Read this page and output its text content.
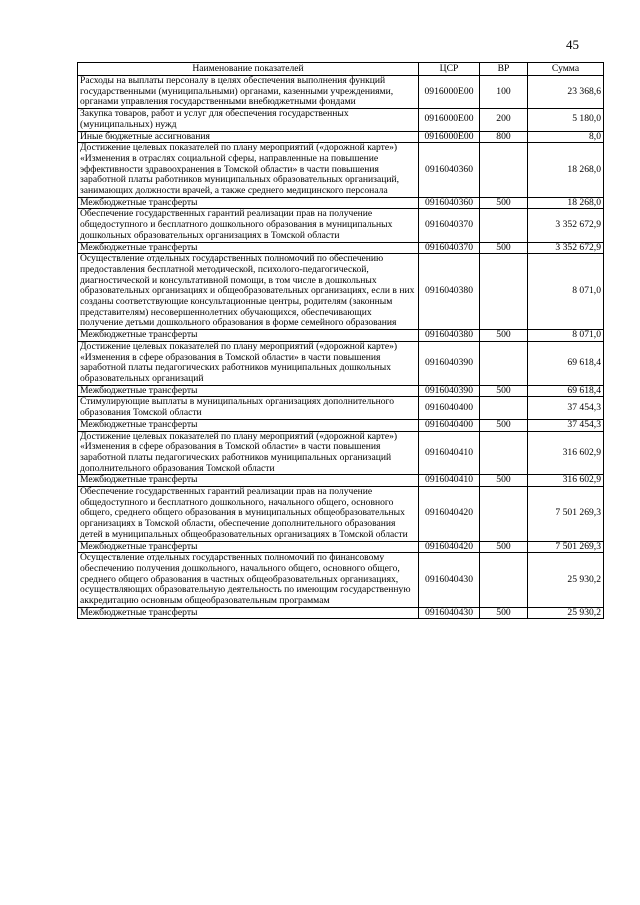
45
Наименование показателей	ЦСР	ВР	Сумма
Расходы на выплаты персоналу в целях обеспечения выполнения функций государственными (муниципальными) органами, казенными учреждениями, органами управления государственными внебюджетными фондами	0916000Е00	100	23 368,6
Закупка товаров, работ и услуг для обеспечения государственных (муниципальных) нужд	0916000Е00	200	5 180,0
Иные бюджетные ассигнования	0916000Е00	800	8,0
Достижение целевых показателей по плану мероприятий («дорожной карте») «Изменения в отраслях социальной сферы, направленные на повышение эффективности здравоохранения в Томской области» в части повышения заработной платы работников муниципальных образовательных организаций, занимающих должности врачей, а также среднего медицинского персонала	0916040360		18 268,0
Межбюджетные трансферты	0916040360	500	18 268,0
Обеспечение государственных гарантий реализации прав на получение общедоступного и бесплатного дошкольного образования в муниципальных дошкольных образовательных организациях в Томской области	0916040370		3 352 672,9
Межбюджетные трансферты	0916040370	500	3 352 672,9
Осуществление отдельных государственных полномочий по обеспечению предоставления бесплатной методической, психолого-педагогической, диагностической и консультативной помощи, в том числе в дошкольных образовательных организациях и общеобразовательных организациях, если в них созданы соответствующие консультационные центры, родителям (законным представителям) несовершеннолетних обучающихся, обеспечивающих получение детьми дошкольного образования в форме семейного образования	0916040380		8 071,0
Межбюджетные трансферты	0916040380	500	8 071,0
Достижение целевых показателей по плану мероприятий («дорожной карте») «Изменения в сфере образования в Томской области» в части повышения заработной платы педагогических работников муниципальных дошкольных образовательных организаций	0916040390		69 618,4
Межбюджетные трансферты	0916040390	500	69 618,4
Стимулирующие выплаты в муниципальных организациях дополнительного образования Томской области	0916040400		37 454,3
Межбюджетные трансферты	0916040400	500	37 454,3
Достижение целевых показателей по плану мероприятий («дорожной карте») «Изменения в сфере образования в Томской области» в части повышения заработной платы педагогических работников муниципальных организаций дополнительного образования Томской области	0916040410		316 602,9
Межбюджетные трансферты	0916040410	500	316 602,9
Обеспечение государственных гарантий реализации прав на получение общедоступного и бесплатного дошкольного, начального общего, основного общего, среднего общего образования в муниципальных общеобразовательных организациях в Томской области, обеспечение дополнительного образования детей в муниципальных общеобразовательных организациях в Томской области	0916040420		7 501 269,3
Межбюджетные трансферты	0916040420	500	7 501 269,3
Осуществление отдельных государственных полномочий по финансовому обеспечению получения дошкольного, начального общего, основного общего, среднего общего образования в частных общеобразовательных организациях, осуществляющих образовательную деятельность по имеющим государственную аккредитацию основным общеобразовательным программам	0916040430		25 930,2
Межбюджетные трансферты	0916040430	500	25 930,2
